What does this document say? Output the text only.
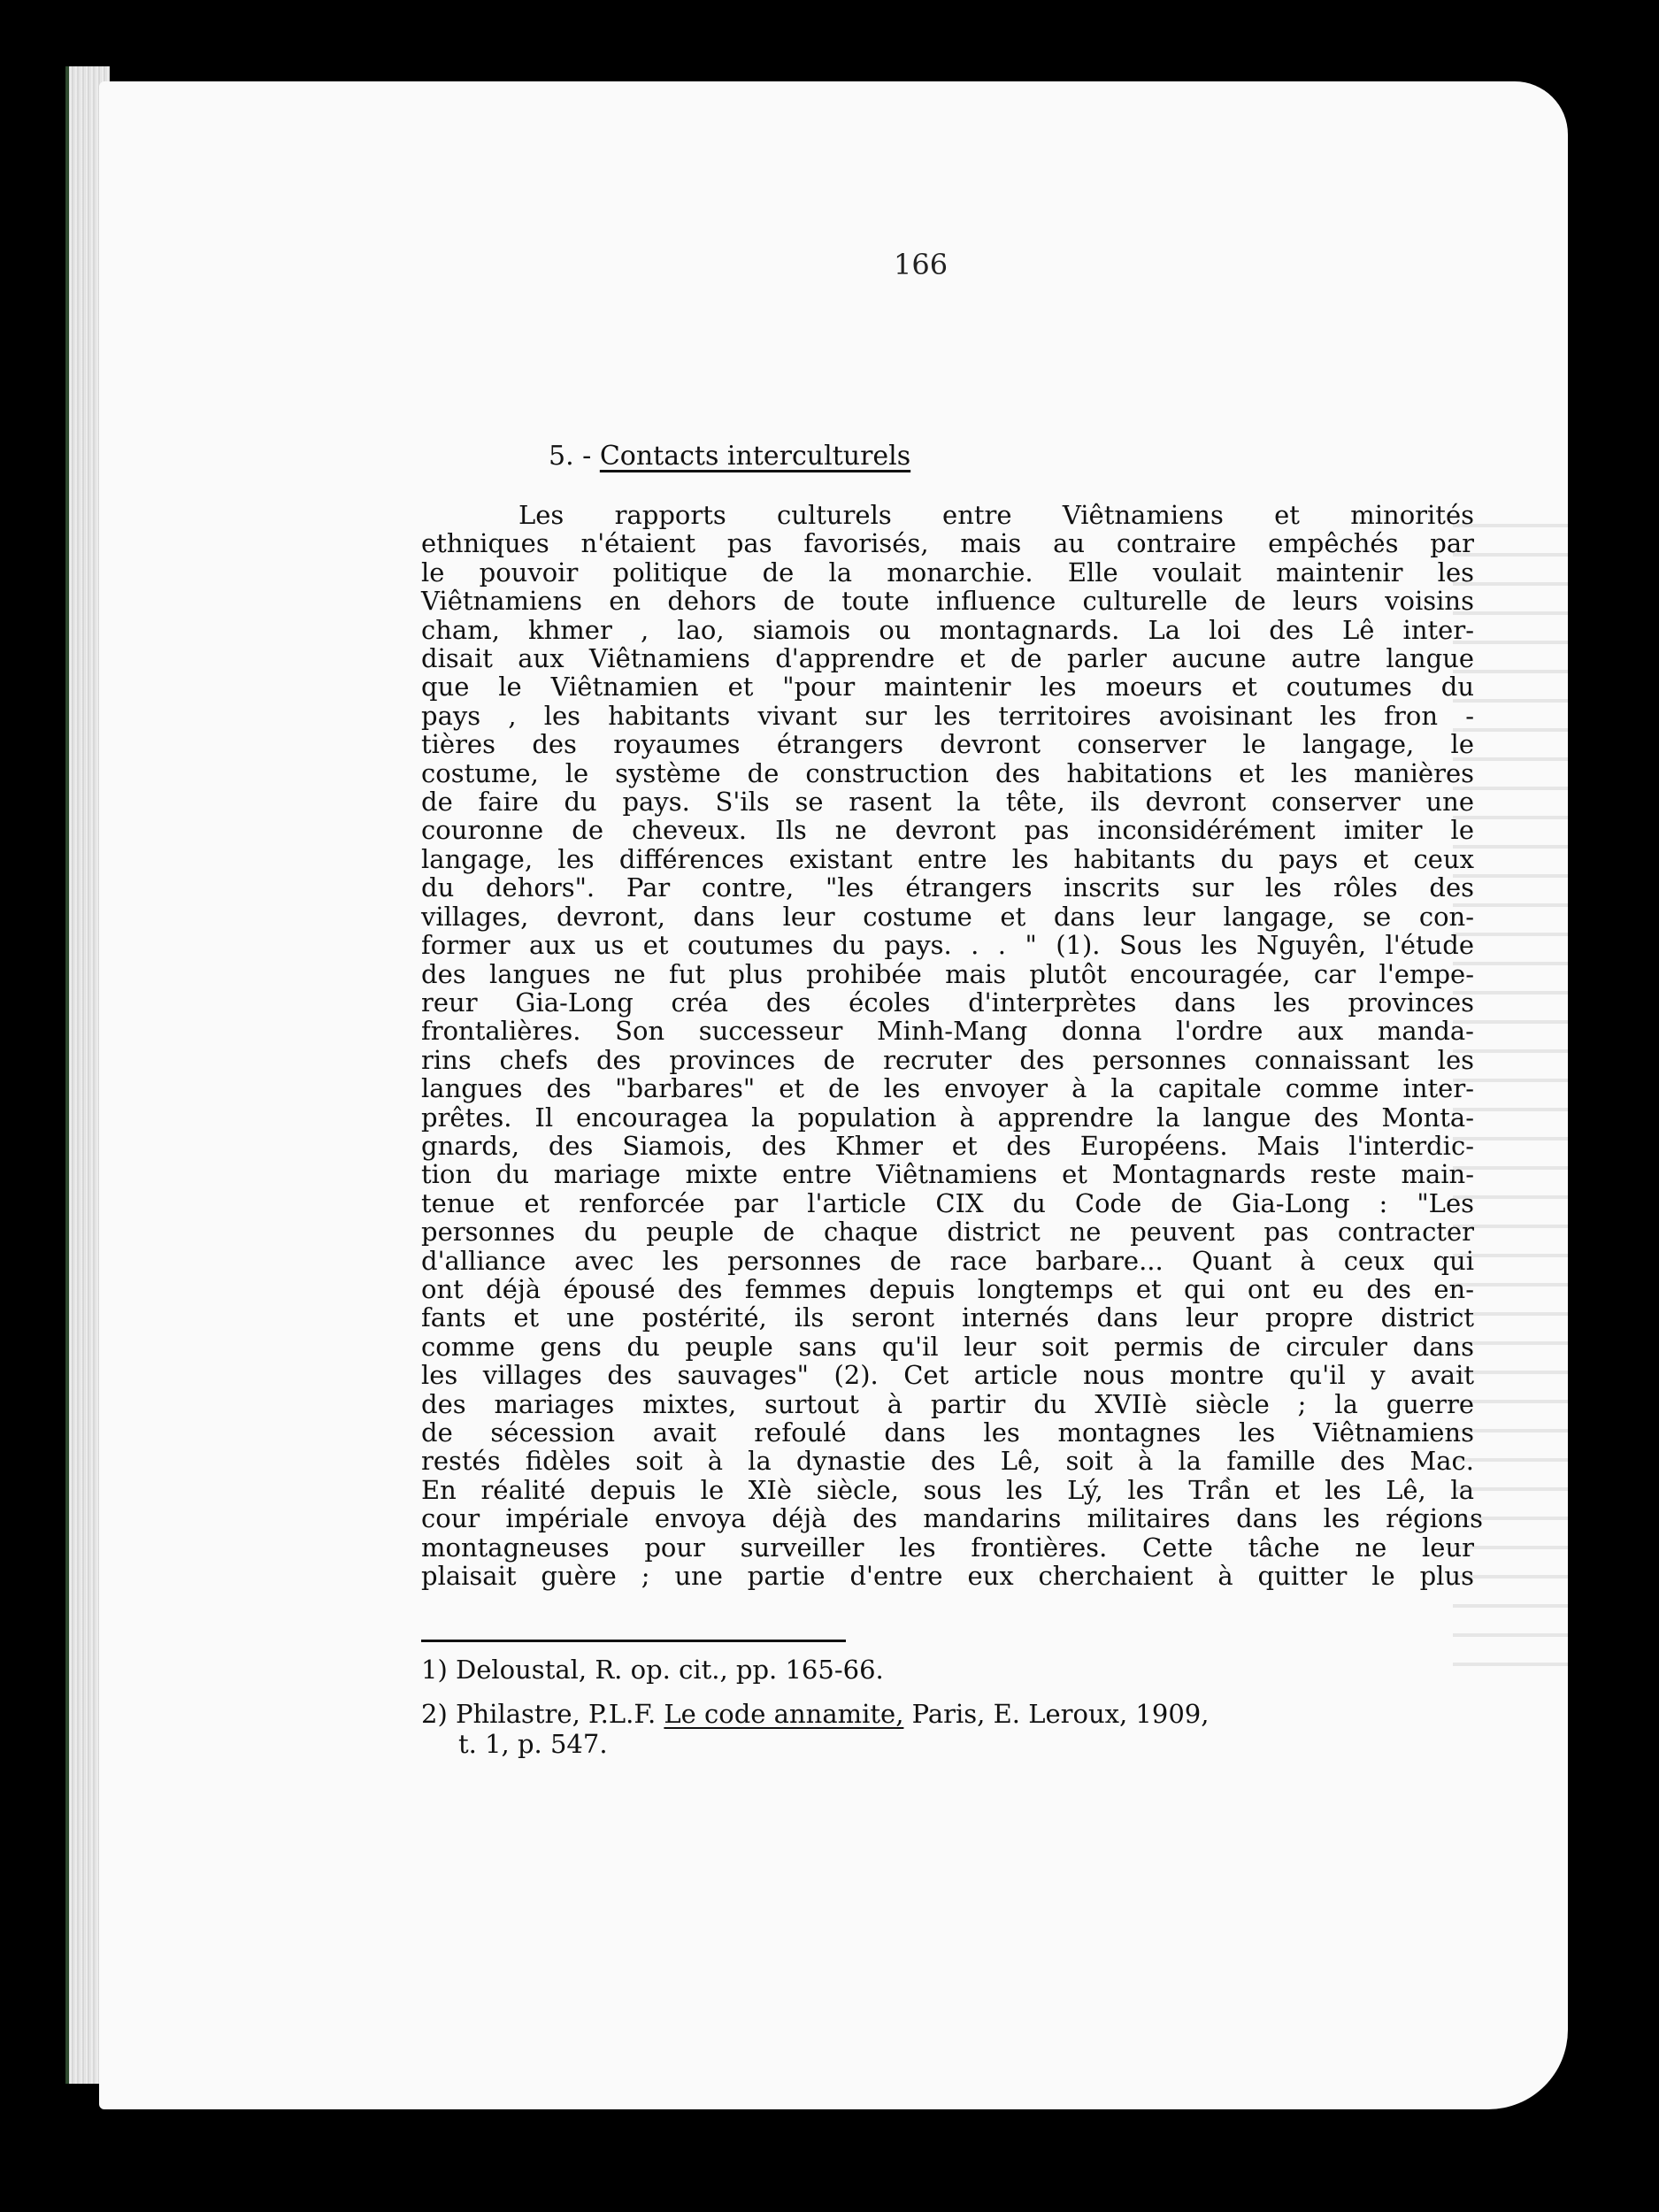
166
5. - Contacts interculturels
Les rapports culturels entre Viêtnamiens et minorités
ethniques n'étaient pas favorisés, mais au contraire empêchés par
le pouvoir politique de la monarchie. Elle voulait maintenir les
Viêtnamiens en dehors de toute influence culturelle de leurs voisins
cham, khmer , lao, siamois ou montagnards. La loi des Lê inter-
disait aux Viêtnamiens d'apprendre et de parler aucune autre langue
que le Viêtnamien et "pour maintenir les moeurs et coutumes du
pays , les habitants vivant sur les territoires avoisinant les fron -
tières des royaumes étrangers devront conserver le langage, le
costume, le système de construction des habitations et les manières
de faire du pays. S'ils se rasent la tête, ils devront conserver une
couronne de cheveux. Ils ne devront pas inconsidérément imiter le
langage, les différences existant entre les habitants du pays et ceux
du dehors". Par contre, "les étrangers inscrits sur les rôles des
villages, devront, dans leur costume et dans leur langage, se con-
former aux us et coutumes du pays. . . " (1). Sous les Nguyên, l'étude
des langues ne fut plus prohibée mais plutôt encouragée, car l'empe-
reur Gia-Long créa des écoles d'interprètes dans les provinces
frontalières. Son successeur Minh-Mang donna l'ordre aux manda-
rins chefs des provinces de recruter des personnes connaissant les
langues des "barbares" et de les envoyer à la capitale comme inter-
prêtes. Il encouragea la population à apprendre la langue des Monta-
gnards, des Siamois, des Khmer et des Européens. Mais l'interdic-
tion du mariage mixte entre Viêtnamiens et Montagnards reste main-
tenue et renforcée par l'article CIX du Code de Gia-Long : "Les
personnes du peuple de chaque district ne peuvent pas contracter
d'alliance avec les personnes de race barbare... Quant à ceux qui
ont déjà épousé des femmes depuis longtemps et qui ont eu des en-
fants et une postérité, ils seront internés dans leur propre district
comme gens du peuple sans qu'il leur soit permis de circuler dans
les villages des sauvages" (2). Cet article nous montre qu'il y avait
des mariages mixtes, surtout à partir du XVIIè siècle ; la guerre
de sécession avait refoulé dans les montagnes les Viêtnamiens
restés fidèles soit à la dynastie des Lê, soit à la famille des Mac.
En réalité depuis le XIè siècle, sous les Lý, les Trần et les Lê, la
cour impériale envoya déjà des mandarins militaires dans les régions
montagneuses pour surveiller les frontières. Cette tâche ne leur
plaisait guère ; une partie d'entre eux cherchaient à quitter le plus
1) Deloustal, R. op. cit., pp. 165-66.
2) Philastre, P.L.F. Le code annamite, Paris, E. Leroux, 1909,
t. 1, p. 547.
